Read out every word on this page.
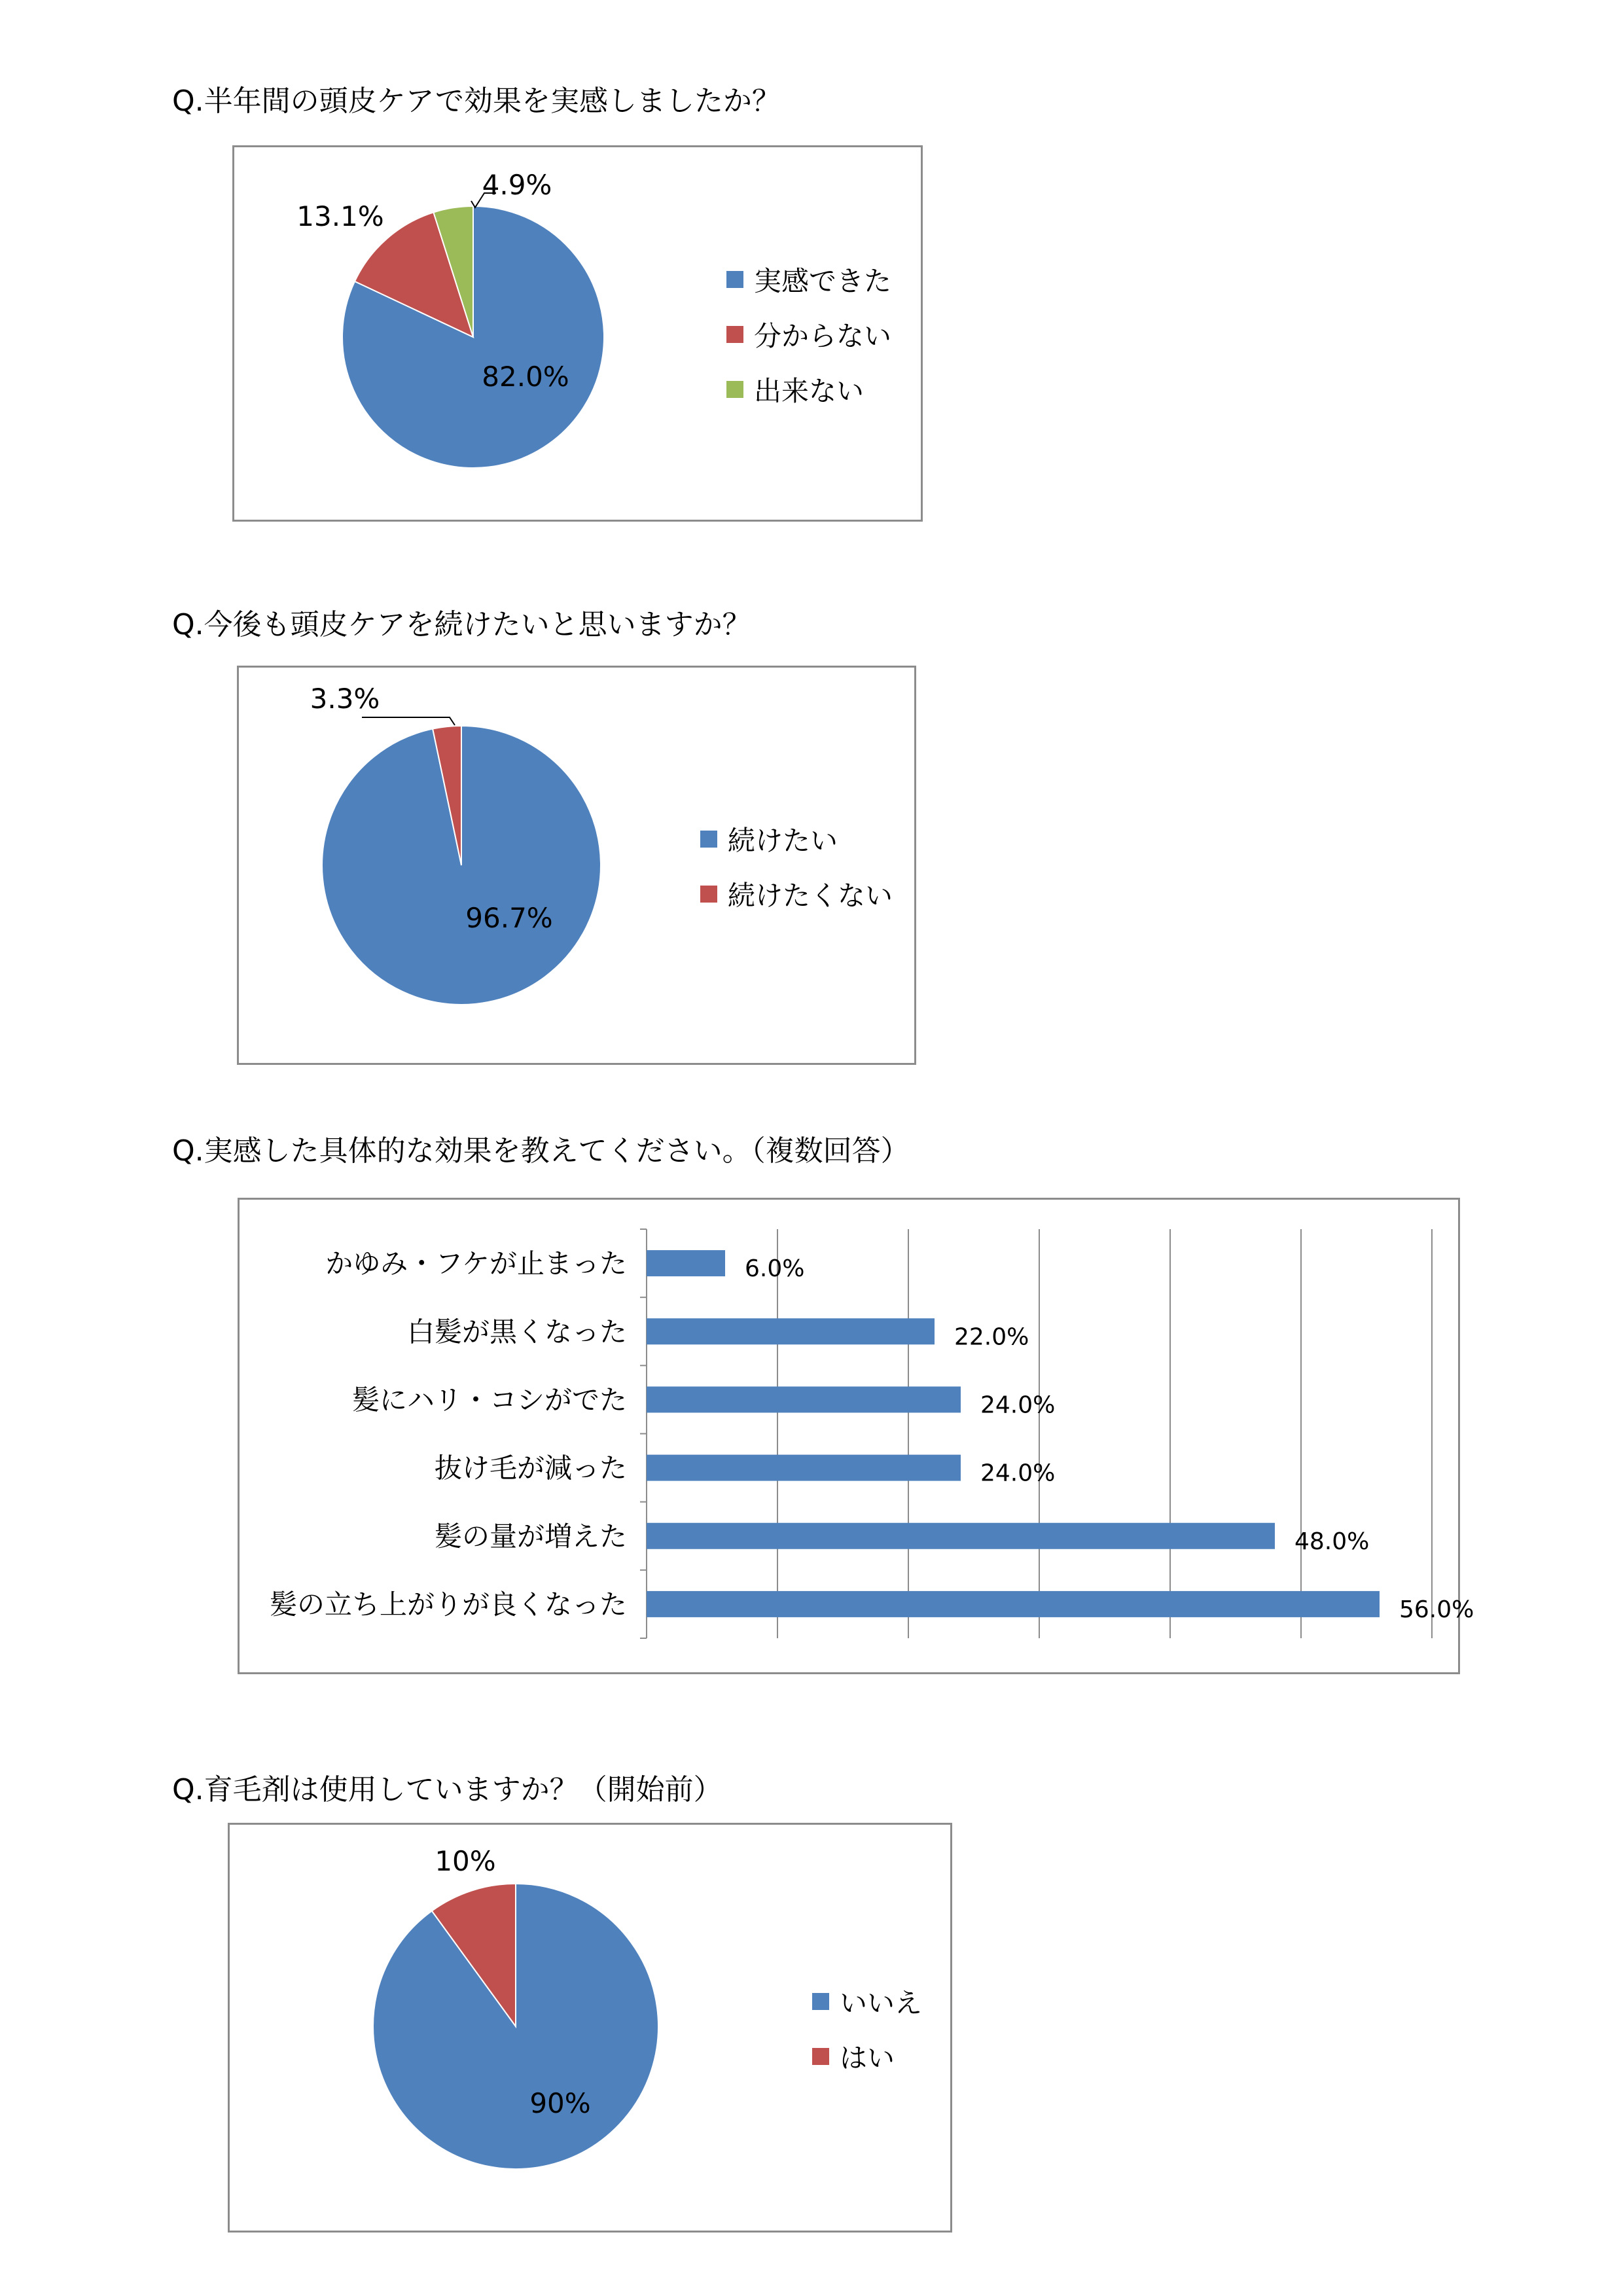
Q.半年間の頭皮ケアで効果を実感しましたか？
82.0%
13.1%
4.9%
実感できた
分からない
出来ない
Q.今後も頭皮ケアを続けたいと思いますか？
96.7%
3.3%
続けたい
続けたくない
Q.実感した具体的な効果を教えてください。（複数回答）
かゆみ・フケが止まった	6.0%
白髪が黒くなった	22.0%
髪にハリ・コシがでた	24.0%
抜け毛が減った	24.0%
髪の量が増えた	48.0%
髪の立ち上がりが良くなった	56.0%
Q.育毛剤は使用していますか？（開始前）
90%
10%
いいえ
はい
